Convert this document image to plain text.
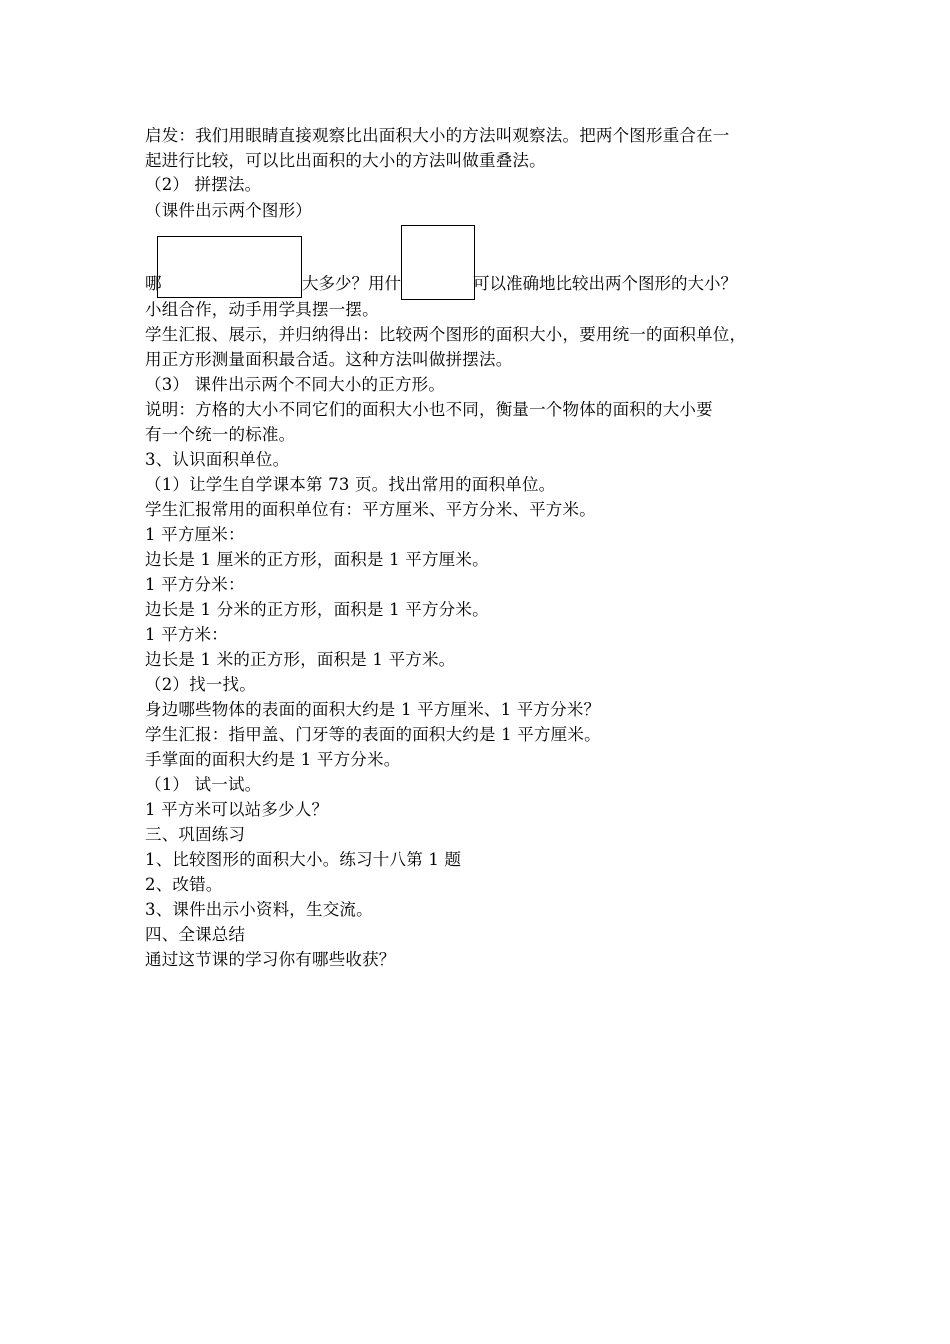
启发：我们用眼睛直接观察比出面积大小的方法叫观察法。把两个图形重合在一
起进行比较，可以比出面积的大小的方法叫做重叠法。
（2） 拼摆法。
（课件出示两个图形）
哪	大多少？用什	可以准确地比较出两个图形的大小？
小组合作，动手用学具摆一摆。
学生汇报、展示，并归纳得出：比较两个图形的面积大小，要用统一的面积单位，
用正方形测量面积最合适。这种方法叫做拼摆法。
（3） 课件出示两个不同大小的正方形。
说明：方格的大小不同它们的面积大小也不同，衡量一个物体的面积的大小要
有一个统一的标准。
3、认识面积单位。
（1）让学生自学课本第 73 页。找出常用的面积单位。
学生汇报常用的面积单位有：平方厘米、平方分米、平方米。
1 平方厘米：
边长是 1 厘米的正方形，面积是 1 平方厘米。
1 平方分米：
边长是 1 分米的正方形，面积是 1 平方分米。
1 平方米：
边长是 1 米的正方形，面积是 1 平方米。
（2）找一找。
身边哪些物体的表面的面积大约是 1 平方厘米、1 平方分米？
学生汇报：指甲盖、门牙等的表面的面积大约是 1 平方厘米。
手掌面的面积大约是 1 平方分米。
（1） 试一试。
1 平方米可以站多少人？
三、巩固练习
1、比较图形的面积大小。练习十八第 1 题
2、改错。
3、课件出示小资料，生交流。
四、全课总结
通过这节课的学习你有哪些收获？
